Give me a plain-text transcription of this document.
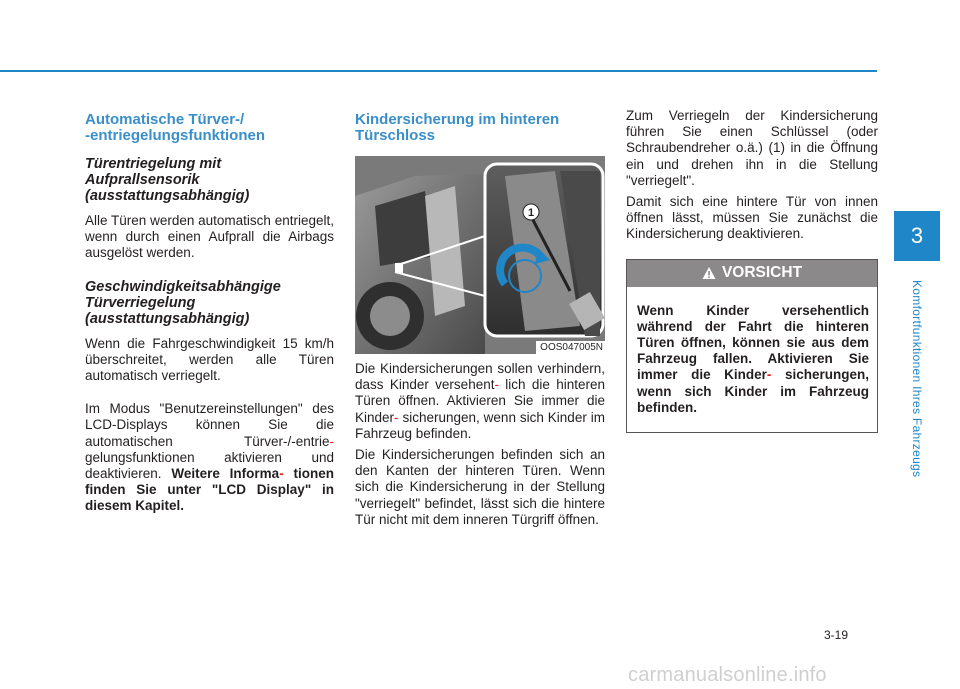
3
Komfortfunktionen Ihres Fahrzeugs
Automatische Türver-/
-entriegelungsfunktionen
Türentriegelung mit
Aufprallsensorik
(ausstattungsabhängig)

Alle Türen werden automatisch entriegelt, wenn durch einen Aufprall die Airbags ausgelöst werden.

Geschwindigkeitsabhängige
Türverriegelung
(ausstattungsabhängig)

Wenn die Fahrgeschwindigkeit 15 km/h überschreitet, werden alle Türen automatisch verriegelt.

Im Modus "Benutzereinstellungen" des LCD-Displays können Sie die automatischen Türver-/-entrie- gelungsfunktionen aktivieren und deaktivieren. Weitere Informa- tionen finden Sie unter "LCD Display" in diesem Kapitel.

Kindersicherung im hinteren
Türschloss
1
OOS047005N

Die Kindersicherungen sollen verhindern, dass Kinder versehent- lich die hinteren Türen öffnen. Aktivieren Sie immer die Kinder- sicherungen, wenn sich Kinder im Fahrzeug befinden.

Die Kindersicherungen befinden sich an den Kanten der hinteren Türen. Wenn sich die Kindersicherung in der Stellung "verriegelt" befindet, lässt sich die hintere Tür nicht mit dem inneren Türgriff öffnen.

Zum Verriegeln der Kindersicherung führen Sie einen Schlüssel (oder Schraubendreher o.ä.) (1) in die Öffnung ein und drehen ihn in die Stellung "verriegelt".

Damit sich eine hintere Tür von innen öffnen lässt, müssen Sie zunächst die Kindersicherung deaktivieren.

VORSICHT
Wenn Kinder versehentlich während der Fahrt die hinteren Türen öffnen, können sie aus dem Fahrzeug fallen. Aktivieren Sie immer die Kinder- sicherungen, wenn sich Kinder im Fahrzeug befinden.
3-19
carmanualsonline.info
